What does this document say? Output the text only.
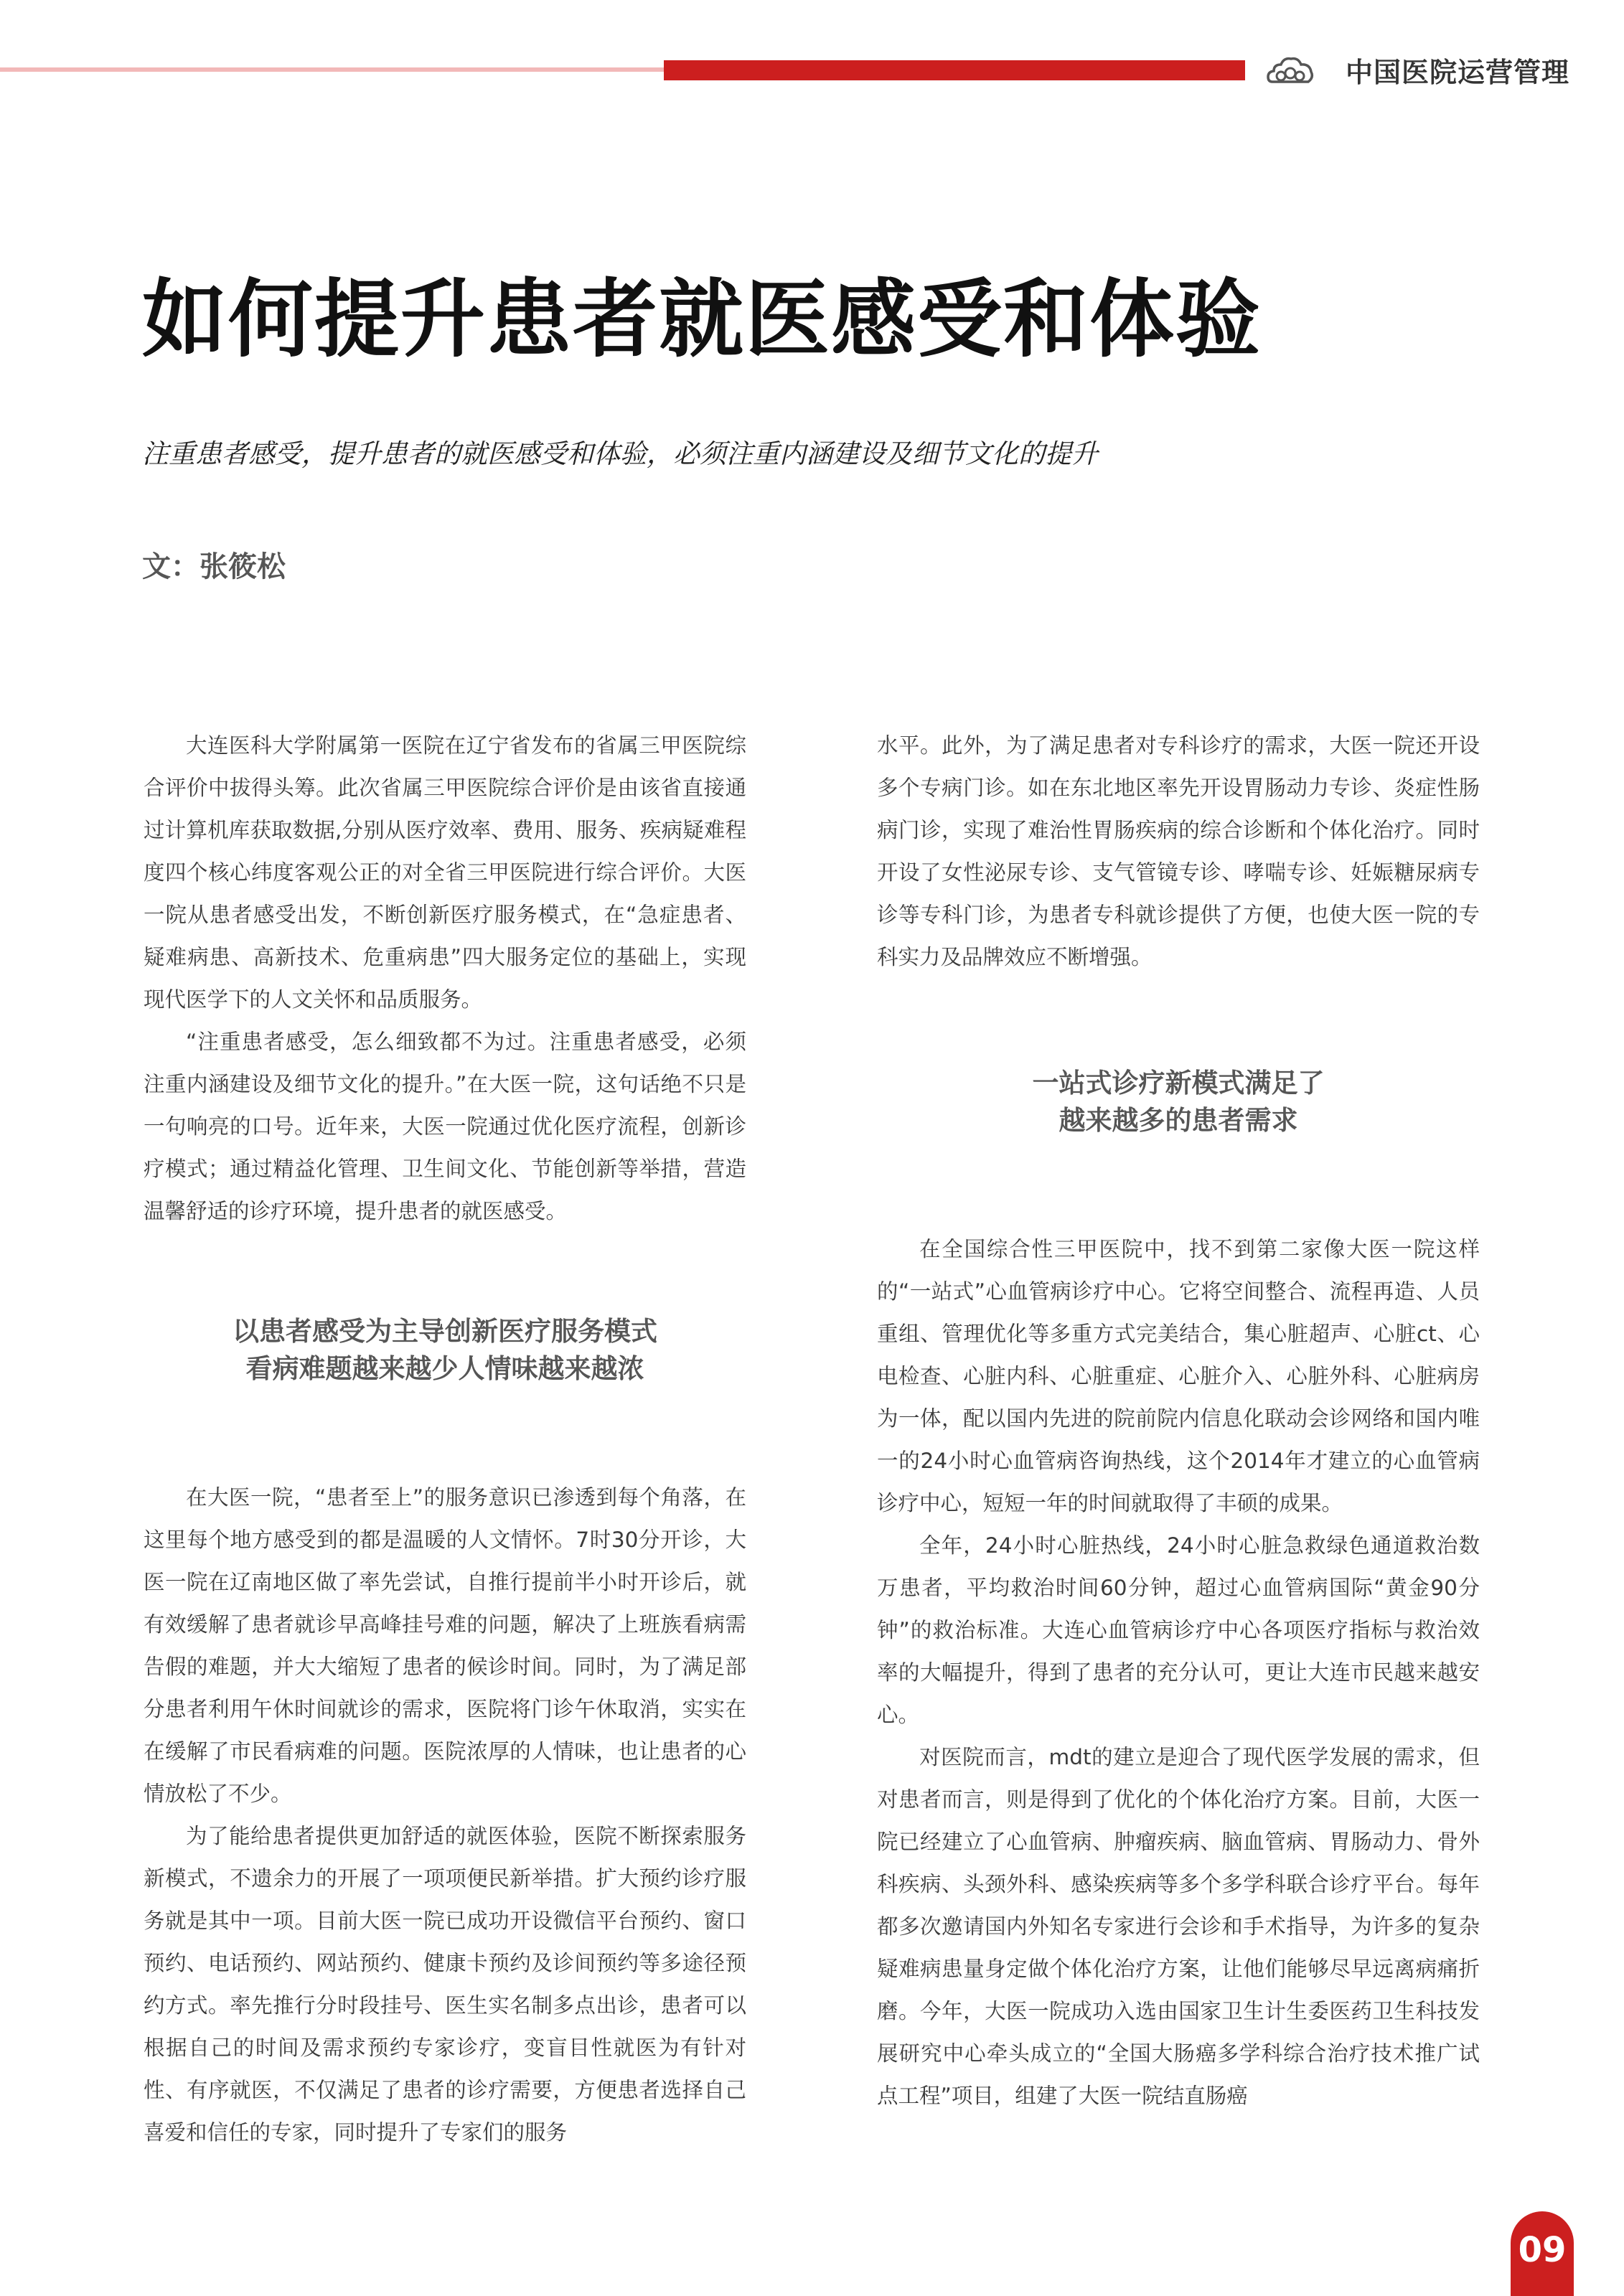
中国医院运营管理
如何提升患者就医感受和体验
注重患者感受，提升患者的就医感受和体验，必须注重内涵建设及细节文化的提升
文：张筱松

大连医科大学附属第一医院在辽宁省发布的省属三甲医院综合评价中拔得头筹。此次省属三甲医院综合评价是由该省直接通过计算机库获取数据,分别从医疗效率、费用、服务、疾病疑难程度四个核心纬度客观公正的对全省三甲医院进行综合评价。大医一院从患者感受出发，不断创新医疗服务模式，在“急症患者、疑难病患、高新技术、危重病患”四大服务定位的基础上，实现现代医学下的人文关怀和品质服务。

“注重患者感受，怎么细致都不为过。注重患者感受，必须注重内涵建设及细节文化的提升。”在大医一院，这句话绝不只是一句响亮的口号。近年来，大医一院通过优化医疗流程，创新诊疗模式；通过精益化管理、卫生间文化、节能创新等举措，营造温馨舒适的诊疗环境，提升患者的就医感受。

以患者感受为主导创新医疗服务模式
看病难题越来越少人情味越来越浓

在大医一院，“患者至上”的服务意识已渗透到每个角落，在这里每个地方感受到的都是温暖的人文情怀。7时30分开诊，大医一院在辽南地区做了率先尝试，自推行提前半小时开诊后，就有效缓解了患者就诊早高峰挂号难的问题，解决了上班族看病需告假的难题，并大大缩短了患者的候诊时间。同时，为了满足部分患者利用午休时间就诊的需求，医院将门诊午休取消，实实在在缓解了市民看病难的问题。医院浓厚的人情味，也让患者的心情放松了不少。

为了能给患者提供更加舒适的就医体验，医院不断探索服务新模式，不遗余力的开展了一项项便民新举措。扩大预约诊疗服务就是其中一项。目前大医一院已成功开设微信平台预约、窗口预约、电话预约、网站预约、健康卡预约及诊间预约等多途径预约方式。率先推行分时段挂号、医生实名制多点出诊，患者可以根据自己的时间及需求预约专家诊疗，变盲目性就医为有针对性、有序就医，不仅满足了患者的诊疗需要，方便患者选择自己喜爱和信任的专家，同时提升了专家们的服务

水平。此外，为了满足患者对专科诊疗的需求，大医一院还开设多个专病门诊。如在东北地区率先开设胃肠动力专诊、炎症性肠病门诊，实现了难治性胃肠疾病的综合诊断和个体化治疗。同时开设了女性泌尿专诊、支气管镜专诊、哮喘专诊、妊娠糖尿病专诊等专科门诊，为患者专科就诊提供了方便，也使大医一院的专科实力及品牌效应不断增强。

一站式诊疗新模式满足了
越来越多的患者需求

在全国综合性三甲医院中，找不到第二家像大医一院这样的“一站式”心血管病诊疗中心。它将空间整合、流程再造、人员重组、管理优化等多重方式完美结合，集心脏超声、心脏ct、心电检查、心脏内科、心脏重症、心脏介入、心脏外科、心脏病房为一体，配以国内先进的院前院内信息化联动会诊网络和国内唯一的24小时心血管病咨询热线，这个2014年才建立的心血管病诊疗中心，短短一年的时间就取得了丰硕的成果。

全年，24小时心脏热线，24小时心脏急救绿色通道救治数万患者，平均救治时间60分钟，超过心血管病国际“黄金90分钟”的救治标准。大连心血管病诊疗中心各项医疗指标与救治效率的大幅提升，得到了患者的充分认可，更让大连市民越来越安心。

对医院而言，mdt的建立是迎合了现代医学发展的需求，但对患者而言，则是得到了优化的个体化治疗方案。目前，大医一院已经建立了心血管病、肿瘤疾病、脑血管病、胃肠动力、骨外科疾病、头颈外科、感染疾病等多个多学科联合诊疗平台。每年都多次邀请国内外知名专家进行会诊和手术指导，为许多的复杂疑难病患量身定做个体化治疗方案，让他们能够尽早远离病痛折磨。今年，大医一院成功入选由国家卫生计生委医药卫生科技发展研究中心牵头成立的“全国大肠癌多学科综合治疗技术推广试点工程”项目，组建了大医一院结直肠癌

09
